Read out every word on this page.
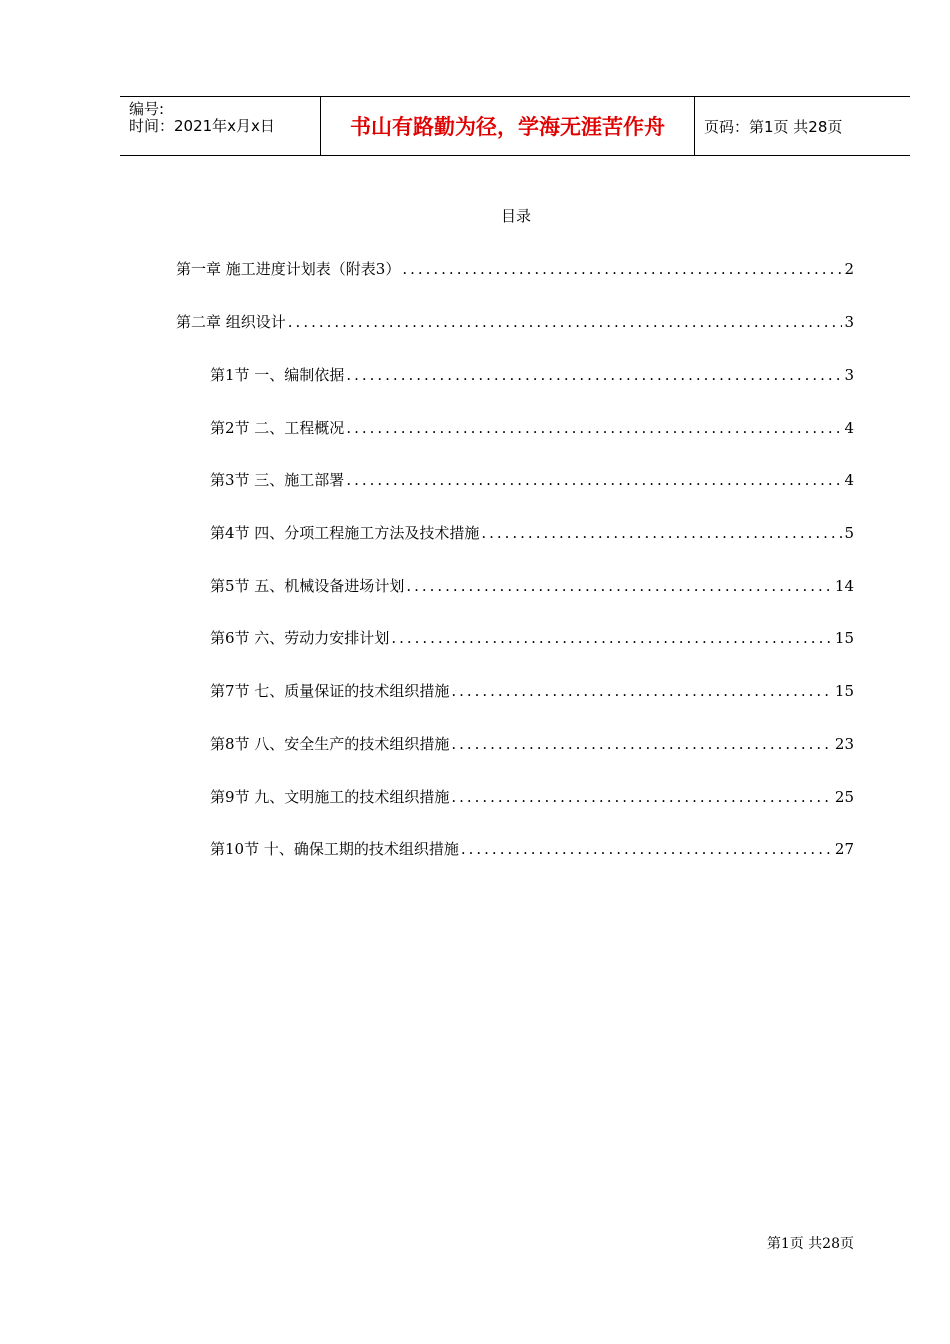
编号:
时间：2021年x月x日	书山有路勤为径，学海无涯苦作舟	页码：第1页 共28页
目录
第一章 施工进度计划表（附表3） .....	2
第二章 组织设计 .....	3
第1节 一、编制依据 .....	3
第2节 二、工程概况 .....	4
第3节 三、施工部署 .....	4
第4节 四、分项工程施工方法及技术措施 .....	5
第5节 五、机械设备进场计划 .....	14
第6节 六、劳动力安排计划 .....	15
第7节 七、质量保证的技术组织措施 .....	15
第8节 八、安全生产的技术组织措施 .....	23
第9节 九、文明施工的技术组织措施 .....	25
第10节 十、确保工期的技术组织措施 .....	27
第1页 共28页
